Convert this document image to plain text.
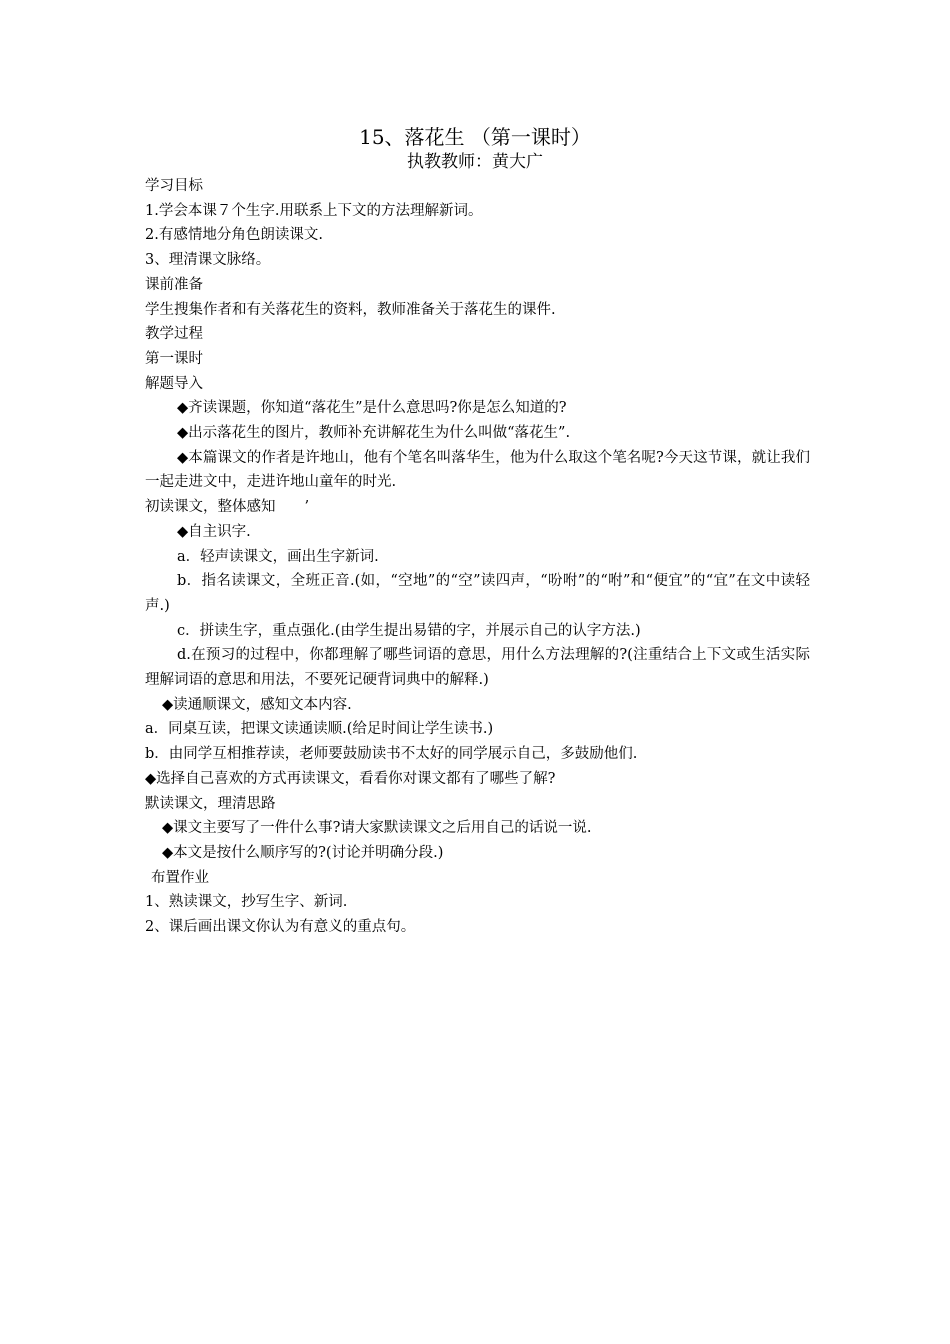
15、落花生 （第一课时）
执教教师：黄大广

学习目标

1.学会本课７个生字.用联系上下文的方法理解新词。

2.有感情地分角色朗读课文.

3、理清课文脉络。

课前准备

学生搜集作者和有关落花生的资料，教师准备关于落花生的课件.

教学过程

第一课时

解题导入

◆齐读课题，你知道“落花生”是什么意思吗?你是怎么知道的?

◆出示落花生的图片，教师补充讲解花生为什么叫做“落花生”.

◆本篇课文的作者是许地山，他有个笔名叫落华生，他为什么取这个笔名呢?今天这节课，就让我们一起走进文中，走进许地山童年的时光.

初读课文，整体感知　　’

◆自主识字.

a．轻声读课文，画出生字新词.

b．指名读课文，全班正音.(如，“空地”的“空”读四声，“吩咐”的“咐”和“便宜”的“宜”在文中读轻声.)

c．拼读生字，重点强化.(由学生提出易错的字，并展示自己的认字方法.)

d.在预习的过程中，你都理解了哪些词语的意思，用什么方法理解的?(注重结合上下文或生活实际理解词语的意思和用法，不要死记硬背词典中的解释.)

◆读通顺课文，感知文本内容.

a．同桌互读，把课文读通读顺.(给足时间让学生读书.)

b．由同学互相推荐读，老师要鼓励读书不太好的同学展示自己，多鼓励他们.

◆选择自己喜欢的方式再读课文，看看你对课文都有了哪些了解?

默读课文，理清思路

◆课文主要写了一件什么事?请大家默读课文之后用自己的话说一说.

◆本文是按什么顺序写的?(讨论并明确分段.)

布置作业

1、熟读课文，抄写生字、新词.

2、课后画出课文你认为有意义的重点句。
